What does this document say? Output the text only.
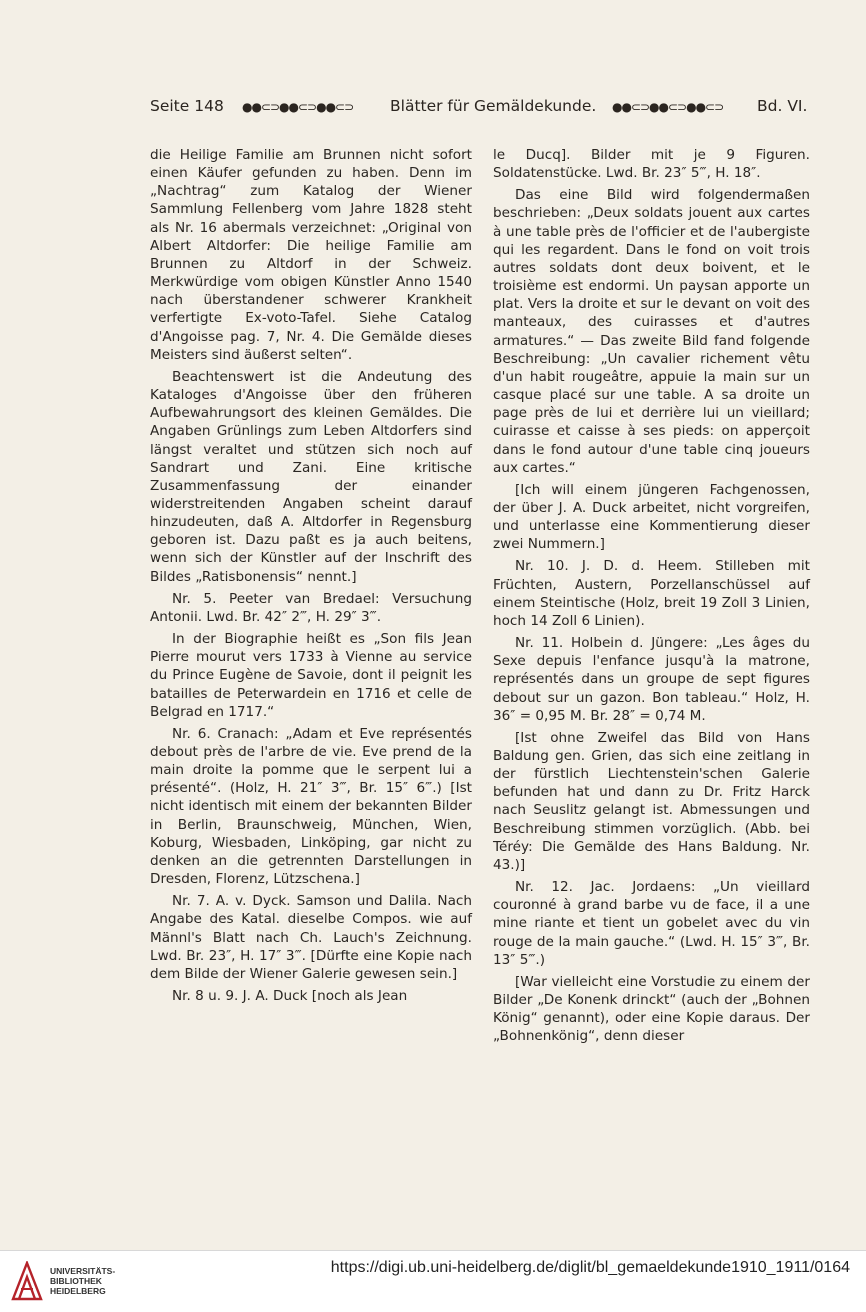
Seite 148 ●●⊂⊃●●⊂⊃●●⊂⊃ Blätter für Gemäldekunde. ●●⊂⊃●●⊂⊃●●⊂⊃ Bd. VI.

die Heilige Familie am Brunnen nicht sofort einen Käufer gefunden zu haben. Denn im „Nachtrag“ zum Katalog der Wiener Sammlung Fellenberg vom Jahre 1828 steht als Nr. 16 abermals verzeichnet: „Original von Albert Altdorfer: Die heilige Familie am Brunnen zu Altdorf in der Schweiz. Merkwürdige vom obigen Künstler Anno 1540 nach überstandener schwerer Krankheit verfertigte Ex-voto-Tafel. Siehe Catalog d'Angoisse pag. 7, Nr. 4. Die Gemälde dieses Meisters sind äußerst selten“.

Beachtenswert ist die Andeutung des Kataloges d'Angoisse über den früheren Aufbewahrungsort des kleinen Gemäldes. Die Angaben Grünlings zum Leben Altdorfers sind längst veraltet und stützen sich noch auf Sandrart und Zani. Eine kritische Zusammenfassung der einander widerstreitenden Angaben scheint darauf hinzudeuten, daß A. Altdorfer in Regensburg geboren ist. Dazu paßt es ja auch beitens, wenn sich der Künstler auf der Inschrift des Bildes „Ratisbonensis“ nennt.]

Nr. 5. Peeter van Bredael: Versuchung Antonii. Lwd. Br. 42″ 2‴, H. 29″ 3‴.

In der Biographie heißt es „Son fils Jean Pierre mourut vers 1733 à Vienne au service du Prince Eugène de Savoie, dont il peignit les batailles de Peterwardein en 1716 et celle de Belgrad en 1717.“

Nr. 6. Cranach: „Adam et Eve représentés debout près de l'arbre de vie. Eve prend de la main droite la pomme que le serpent lui a présenté“. (Holz, H. 21″ 3‴, Br. 15″ 6‴.) [Ist nicht identisch mit einem der bekannten Bilder in Berlin, Braunschweig, München, Wien, Koburg, Wiesbaden, Linköping, gar nicht zu denken an die getrennten Darstellungen in Dresden, Florenz, Lützschena.]

Nr. 7. A. v. Dyck. Samson und Dalila. Nach Angabe des Katal. dieselbe Compos. wie auf Männl's Blatt nach Ch. Lauch's Zeichnung. Lwd. Br. 23″, H. 17″ 3‴. [Dürfte eine Kopie nach dem Bilde der Wiener Galerie gewesen sein.]

Nr. 8 u. 9. J. A. Duck [noch als Jean

le Ducq]. Bilder mit je 9 Figuren. Soldatenstücke. Lwd. Br. 23″ 5‴, H. 18″.

Das eine Bild wird folgendermaßen beschrieben: „Deux soldats jouent aux cartes à une table près de l'officier et de l'aubergiste qui les regardent. Dans le fond on voit trois autres soldats dont deux boivent, et le troisième est endormi. Un paysan apporte un plat. Vers la droite et sur le devant on voit des manteaux, des cuirasses et d'autres armatures.“ — Das zweite Bild fand folgende Beschreibung: „Un cavalier richement vêtu d'un habit rougeâtre, appuie la main sur un casque placé sur une table. A sa droite un page près de lui et derrière lui un vieillard; cuirasse et caisse à ses pieds: on apperçoit dans le fond autour d'une table cinq joueurs aux cartes.“

[Ich will einem jüngeren Fachgenossen, der über J. A. Duck arbeitet, nicht vorgreifen, und unterlasse eine Kommentierung dieser zwei Nummern.]

Nr. 10. J. D. d. Heem. Stilleben mit Früchten, Austern, Porzellanschüssel auf einem Steintische (Holz, breit 19 Zoll 3 Linien, hoch 14 Zoll 6 Linien).

Nr. 11. Holbein d. Jüngere: „Les âges du Sexe depuis l'enfance jusqu'à la matrone, représentés dans un groupe de sept figures debout sur un gazon. Bon tableau.“ Holz, H. 36″ = 0,95 M. Br. 28″ = 0,74 M.

[Ist ohne Zweifel das Bild von Hans Baldung gen. Grien, das sich eine zeitlang in der fürstlich Liechtenstein'schen Galerie befunden hat und dann zu Dr. Fritz Harck nach Seuslitz gelangt ist. Abmessungen und Beschreibung stimmen vorzüglich. (Abb. bei Téréy: Die Gemälde des Hans Baldung. Nr. 43.)]

Nr. 12. Jac. Jordaens: „Un vieillard couronné à grand barbe vu de face, il a une mine riante et tient un gobelet avec du vin rouge de la main gauche.“ (Lwd. H. 15″ 3‴, Br. 13″ 5‴.)

[War vielleicht eine Vorstudie zu einem der Bilder „De Konenk drinckt“ (auch der „Bohnen König“ genannt), oder eine Kopie daraus. Der „Bohnenkönig“, denn dieser

UNIVERSITÄTS-
BIBLIOTHEK
HEIDELBERG
https://digi.ub.uni-heidelberg.de/diglit/bl_gemaeldekunde1910_1911/0164
